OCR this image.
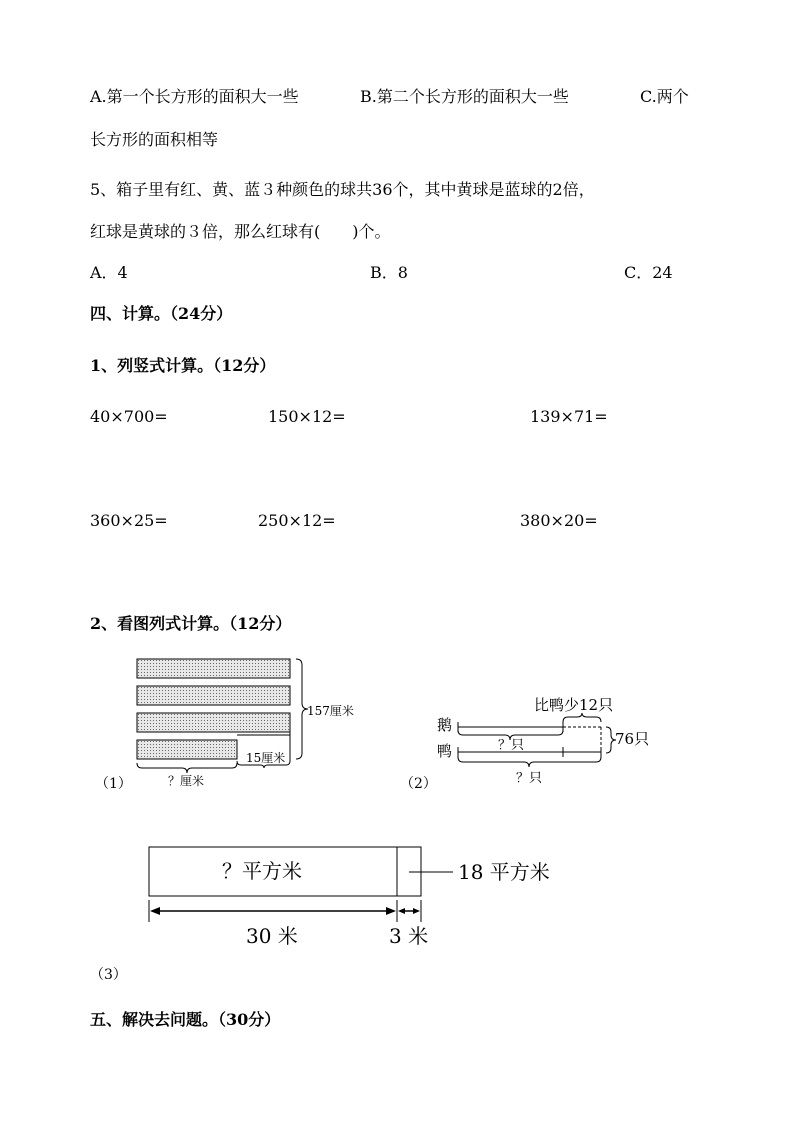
A.第一个长方形的面积大一些	B.第二个长方形的面积大一些	C.两个
长方形的面积相等
5、箱子里有红、黄、蓝３种颜色的球共36个，其中黄球是蓝球的2倍，
红球是黄球的３倍，那么红球有(　　)个。
A．4	B．8	C．24
四、计算。（24分）
1、列竖式计算。（12分）
40×700=	150×12=	139×71=
360×25=	250×12=	380×20=
2、看图列式计算。（12分）
157厘米
15厘米
？厘米
（1）
鹅
鸭
比鸭少12只
76只
？只
？只
（2）
？平方米	18 平方米
30 米	3 米
（3）
五、解决去问题。（30分）
